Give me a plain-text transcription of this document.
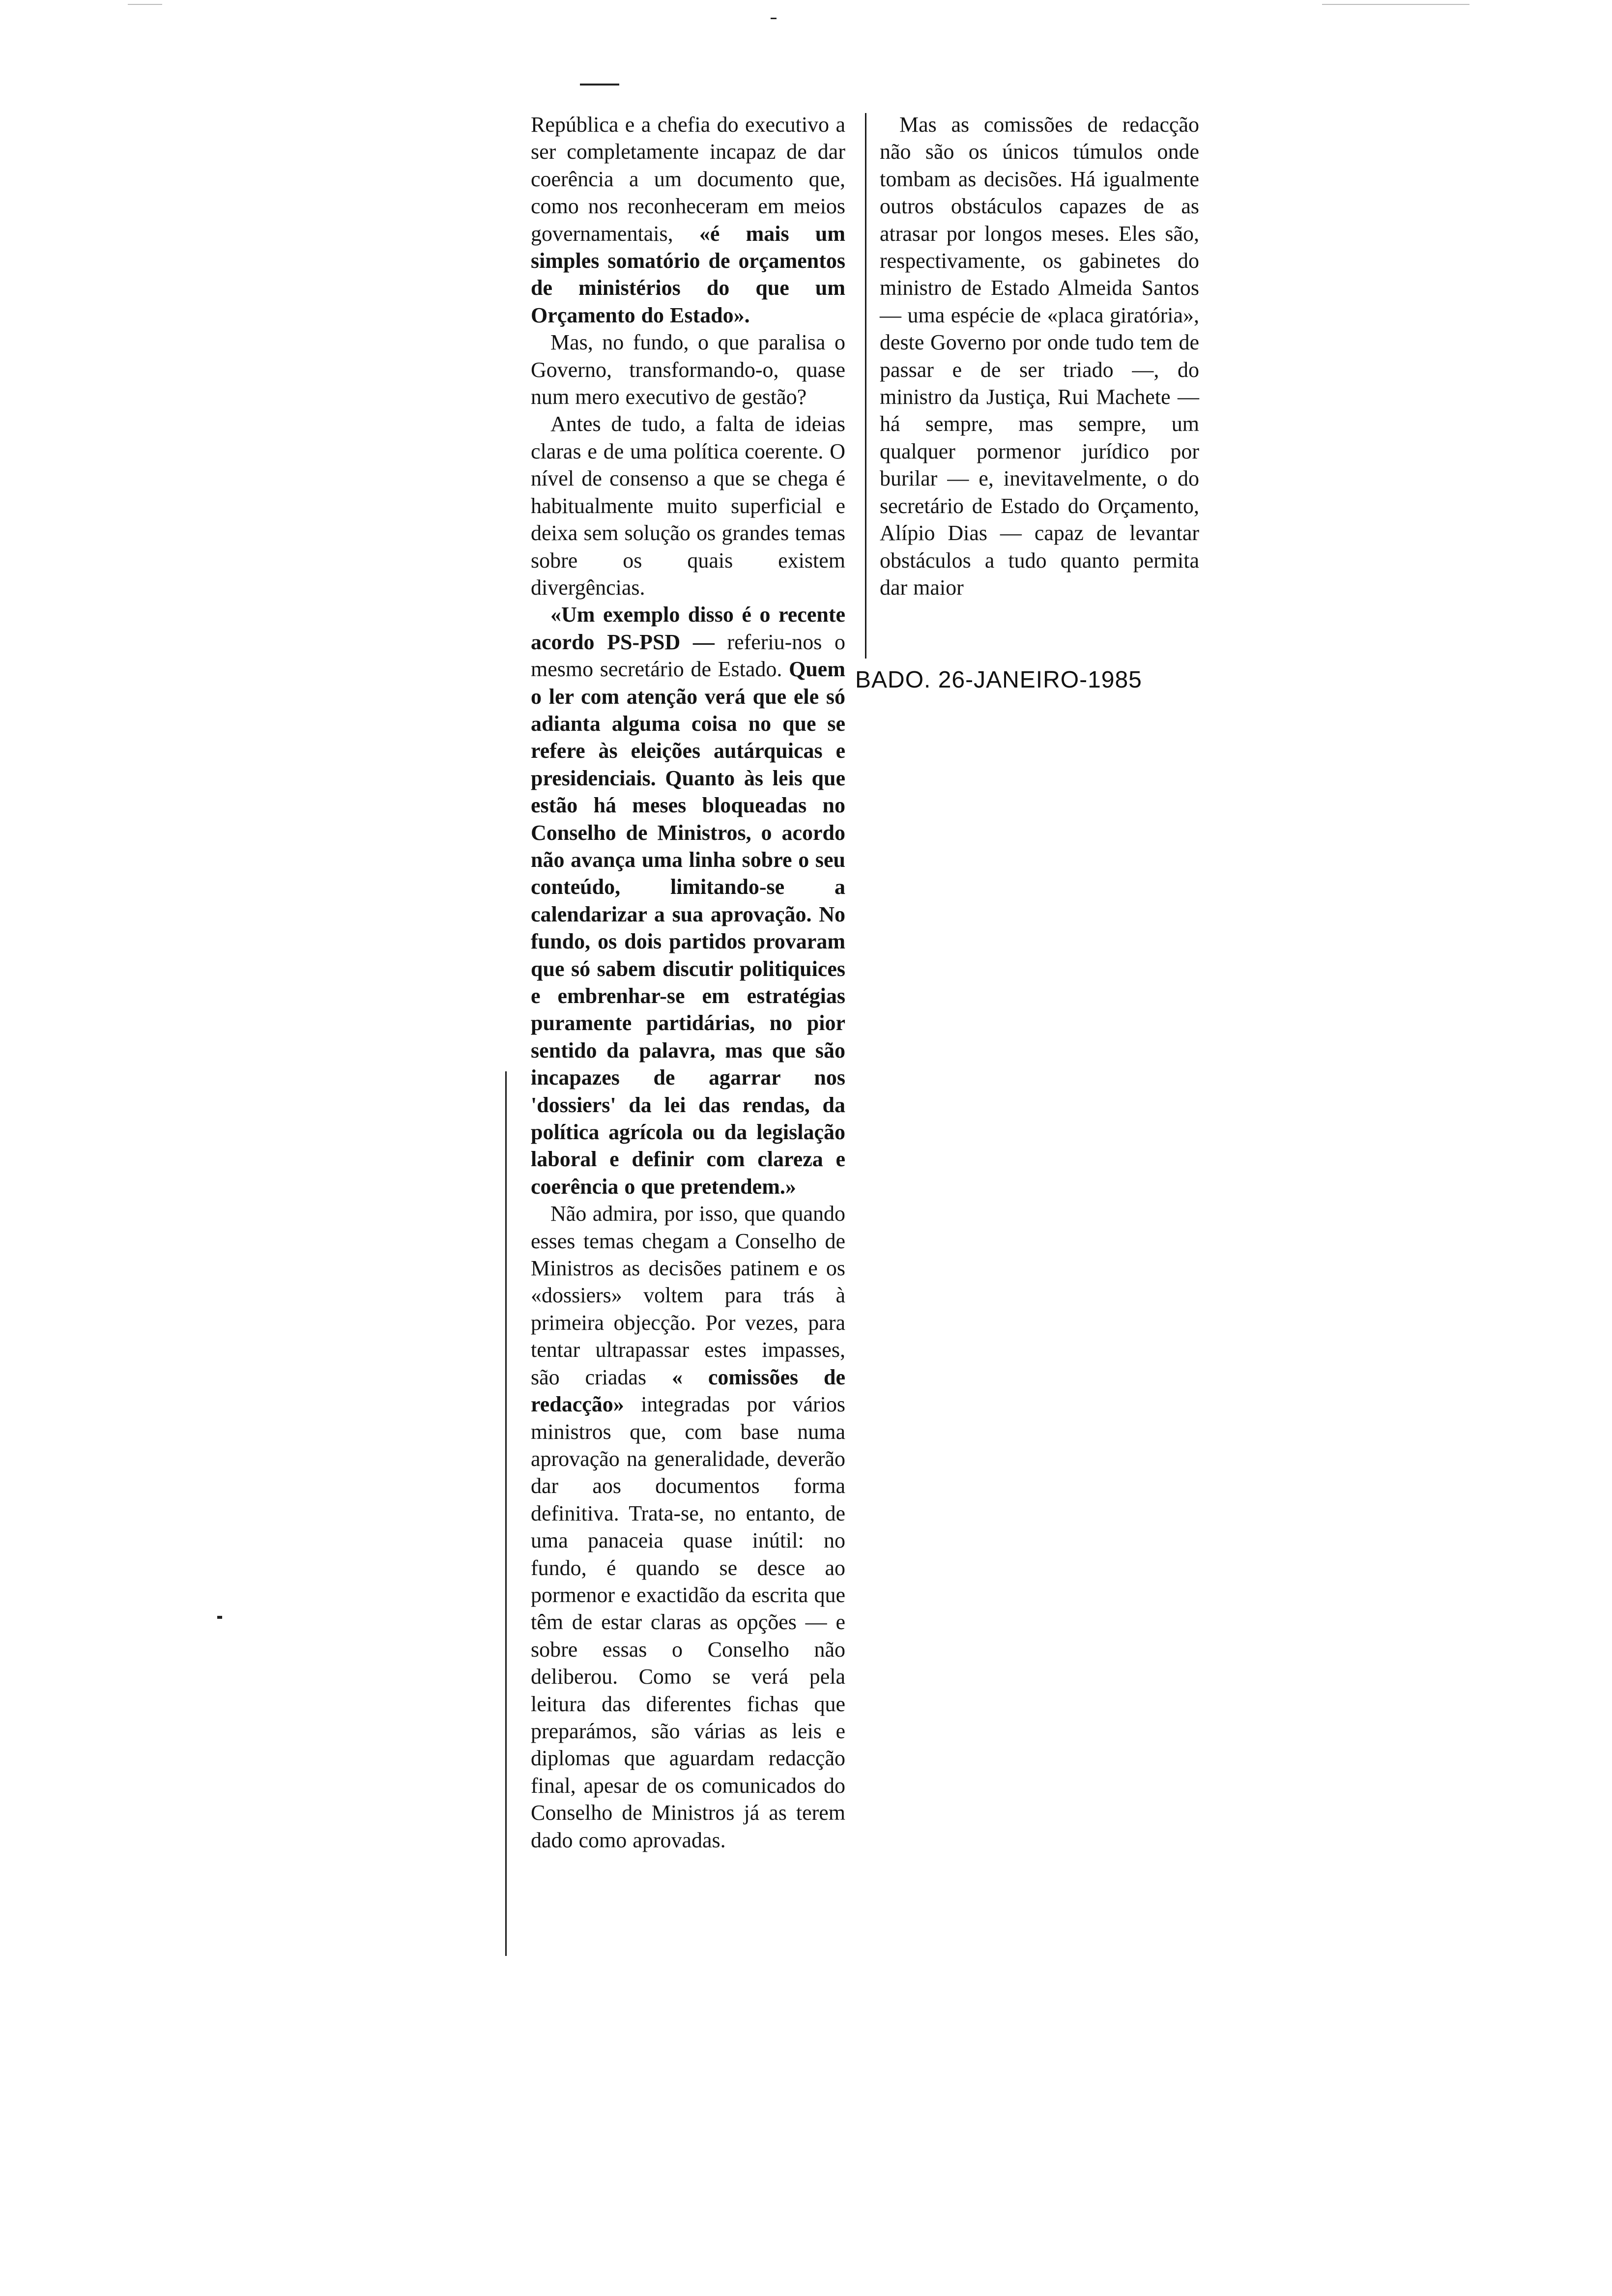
República e a chefia do executivo a ser completamente incapaz de dar coerência a um documento que, como nos reconheceram em meios governamentais, «é mais um simples somatório de orçamentos de ministérios do que um Orçamento do Estado».

Mas, no fundo, o que paralisa o Governo, transformando-o, quase num mero executivo de gestão?

Antes de tudo, a falta de ideias claras e de uma política coerente. O nível de consenso a que se chega é habitualmente muito superficial e deixa sem solução os grandes temas sobre os quais existem divergências.

«Um exemplo disso é o recente acordo PS-PSD — referiu-nos o mesmo secretário de Estado. Quem o ler com atenção verá que ele só adianta alguma coisa no que se refere às eleições autárquicas e presidenciais. Quanto às leis que estão há meses bloqueadas no Conselho de Ministros, o acordo não avança uma linha sobre o seu conteúdo, limitando-se a calendarizar a sua aprovação. No fundo, os dois partidos provaram que só sabem discutir politiquices e embrenhar-se em estratégias puramente partidárias, no pior sentido da palavra, mas que são incapazes de agarrar nos 'dossiers' da lei das rendas, da política agrícola ou da legislação laboral e definir com clareza e coerência o que pretendem.»

Não admira, por isso, que quando esses temas chegam a Conselho de Ministros as decisões patinem e os «dossiers» voltem para trás à primeira objecção. Por vezes, para tentar ultrapassar estes impasses, são criadas « comissões de redacção» integradas por vários ministros que, com base numa aprovação na generalidade, deverão dar aos documentos forma definitiva. Trata-se, no entanto, de uma panaceia quase inútil: no fundo, é quando se desce ao pormenor e exactidão da escrita que têm de estar claras as opções — e sobre essas o Conselho não deliberou. Como se verá pela leitura das diferentes fichas que preparámos, são várias as leis e diplomas que aguardam redacção final, apesar de os comunicados do Conselho de Ministros já as terem dado como aprovadas.

Mas as comissões de redacção não são os únicos túmulos onde tombam as decisões. Há igualmente outros obstáculos capazes de as atrasar por longos meses. Eles são, respectivamente, os gabinetes do ministro de Estado Almeida Santos — uma espécie de «placa giratória», deste Governo por onde tudo tem de passar e de ser triado —, do ministro da Justiça, Rui Machete — há sempre, mas sempre, um qualquer pormenor jurídico por burilar — e, inevitavelmente, o do secretário de Estado do Orçamento, Alípio Dias — capaz de levantar obstáculos a tudo quanto permita dar maior

BADO. 26-JANEIRO-1985
